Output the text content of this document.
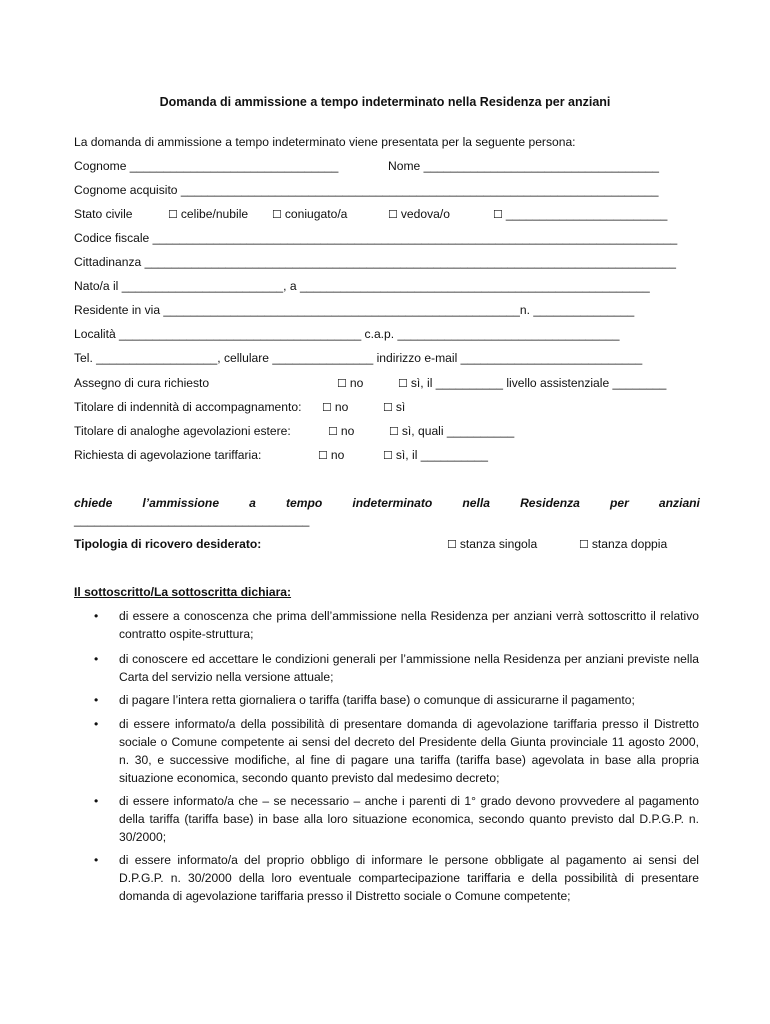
Domanda di ammissione a tempo indeterminato nella Residenza per anziani
La domanda di ammissione a tempo indeterminato viene presentata per la seguente persona:
Cognome _______________________________	Nome ___________________________________
Cognome acquisito _______________________________________________________________________
Stato civile	☐ celibe/nubile ☐ coniugato/a	☐ vedova/o	☐ ________________________
Codice fiscale ______________________________________________________________________________
Cittadinanza _______________________________________________________________________________
Nato/a il ________________________, a ____________________________________________________
Residente in via _____________________________________________________n. _______________
Località ____________________________________ c.a.p. _________________________________
Tel. __________________, cellulare _______________ indirizzo e-mail ___________________________
Assegno di cura richiesto	☐ no	☐ sì, il __________ livello assistenziale ________
Titolare di indennità di accompagnamento: ☐ no	☐ sì
Titolare di analoghe agevolazioni estere:	☐ no	☐ sì, quali __________
Richiesta di agevolazione tariffaria:	☐ no	☐ sì, il __________
chiede l’ammissione a tempo indeterminato nella Residenza per anziani
___________________________________
Tipologia di ricovero desiderato:	☐ stanza singola	☐ stanza doppia
Il sottoscritto/La sottoscritta dichiara:
• di essere a conoscenza che prima dell’ammissione nella Residenza per anziani verrà sottoscritto il relativo contratto ospite-struttura;
• di conoscere ed accettare le condizioni generali per l’ammissione nella Residenza per anziani previste nella Carta del servizio nella versione attuale;
• di pagare l’intera retta giornaliera o tariffa (tariffa base) o comunque di assicurarne il pagamento;
• di essere informato/a della possibilità di presentare domanda di agevolazione tariffaria presso il Distretto sociale o Comune competente ai sensi del decreto del Presidente della Giunta provinciale 11 agosto 2000, n. 30, e successive modifiche, al fine di pagare una tariffa (tariffa base) agevolata in base alla propria situazione economica, secondo quanto previsto dal medesimo decreto;
• di essere informato/a che – se necessario – anche i parenti di 1° grado devono provvedere al pagamento della tariffa (tariffa base) in base alla loro situazione economica, secondo quanto previsto dal D.P.G.P. n. 30/2000;
• di essere informato/a del proprio obbligo di informare le persone obbligate al pagamento ai sensi del D.P.G.P. n. 30/2000 della loro eventuale compartecipazione tariffaria e della possibilità di presentare domanda di agevolazione tariffaria presso il Distretto sociale o Comune competente;
